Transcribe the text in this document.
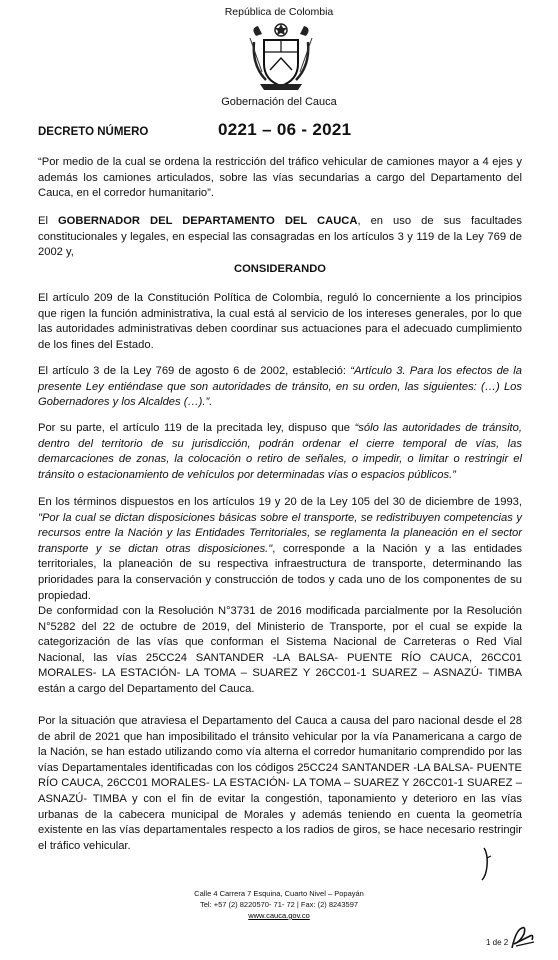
República de Colombia
Gobernación del Cauca
DECRETO NÚMERO	0221 – 06 - 2021

“Por medio de la cual se ordena la restricción del tráfico vehicular de camiones mayor a 4 ejes y además los camiones articulados, sobre las vías secundarias a cargo del Departamento del Cauca, en el corredor humanitario”.

El GOBERNADOR DEL DEPARTAMENTO DEL CAUCA, en uso de sus facultades constitucionales y legales, en especial las consagradas en los artículos 3 y 119 de la Ley 769 de 2002 y,

CONSIDERANDO

El artículo 209 de la Constitución Política de Colombia, reguló lo concerniente a los principios que rigen la función administrativa, la cual está al servicio de los intereses generales, por lo que las autoridades administrativas deben coordinar sus actuaciones para el adecuado cumplimiento de los fines del Estado.

El artículo 3 de la Ley 769 de agosto 6 de 2002, estableció: “Artículo 3. Para los efectos de la presente Ley entiéndase que son autoridades de tránsito, en su orden, las siguientes: (…) Los Gobernadores y los Alcaldes (…).”.

Por su parte, el artículo 119 de la precitada ley, dispuso que “sólo las autoridades de tránsito, dentro del territorio de su jurisdicción, podrán ordenar el cierre temporal de vías, las demarcaciones de zonas, la colocación o retiro de señales, o impedir, o limitar o restringir el tránsito o estacionamiento de vehículos por determinadas vías o espacios públicos.”

En los términos dispuestos en los artículos 19 y 20 de la Ley 105 del 30 de diciembre de 1993, "Por la cual se dictan disposiciones básicas sobre el transporte, se redistribuyen competencias y recursos entre la Nación y las Entidades Territoriales, se reglamenta la planeación en el sector transporte y se dictan otras disposiciones.", corresponde a la Nación y a las entidades territoriales, la planeación de su respectiva infraestructura de transporte, determinando las prioridades para la conservación y construcción de todos y cada uno de los componentes de su propiedad.

De conformidad con la Resolución N°3731 de 2016 modificada parcialmente por la Resolución N°5282 del 22 de octubre de 2019, del Ministerio de Transporte, por el cual se expide la categorización de las vías que conforman el Sistema Nacional de Carreteras o Red Vial Nacional, las vías 25CC24 SANTANDER -LA BALSA- PUENTE RÍO CAUCA, 26CC01 MORALES- LA ESTACIÓN- LA TOMA – SUAREZ Y 26CC01-1 SUAREZ – ASNAZÚ- TIMBA están a cargo del Departamento del Cauca.

Por la situación que atraviesa el Departamento del Cauca a causa del paro nacional desde el 28 de abril de 2021 que han imposibilitado el tránsito vehicular por la vía Panamericana a cargo de la Nación, se han estado utilizando como vía alterna el corredor humanitario comprendido por las vías Departamentales identificadas con los códigos 25CC24 SANTANDER -LA BALSA- PUENTE RÍO CAUCA, 26CC01 MORALES- LA ESTACIÓN- LA TOMA – SUAREZ Y 26CC01-1 SUAREZ – ASNAZÚ- TIMBA y con el fin de evitar la congestión, taponamiento y deterioro en las vías urbanas de la cabecera municipal de Morales y además teniendo en cuenta la geometría existente en las vías departamentales respecto a los radios de giros, se hace necesario restringir el tráfico vehicular.

Calle 4 Carrera 7 Esquina, Cuarto Nivel – Popayán
Tel: +57 (2) 8220570- 71- 72 | Fax: (2) 8243597
www.cauca.gov.co
1 de 2
